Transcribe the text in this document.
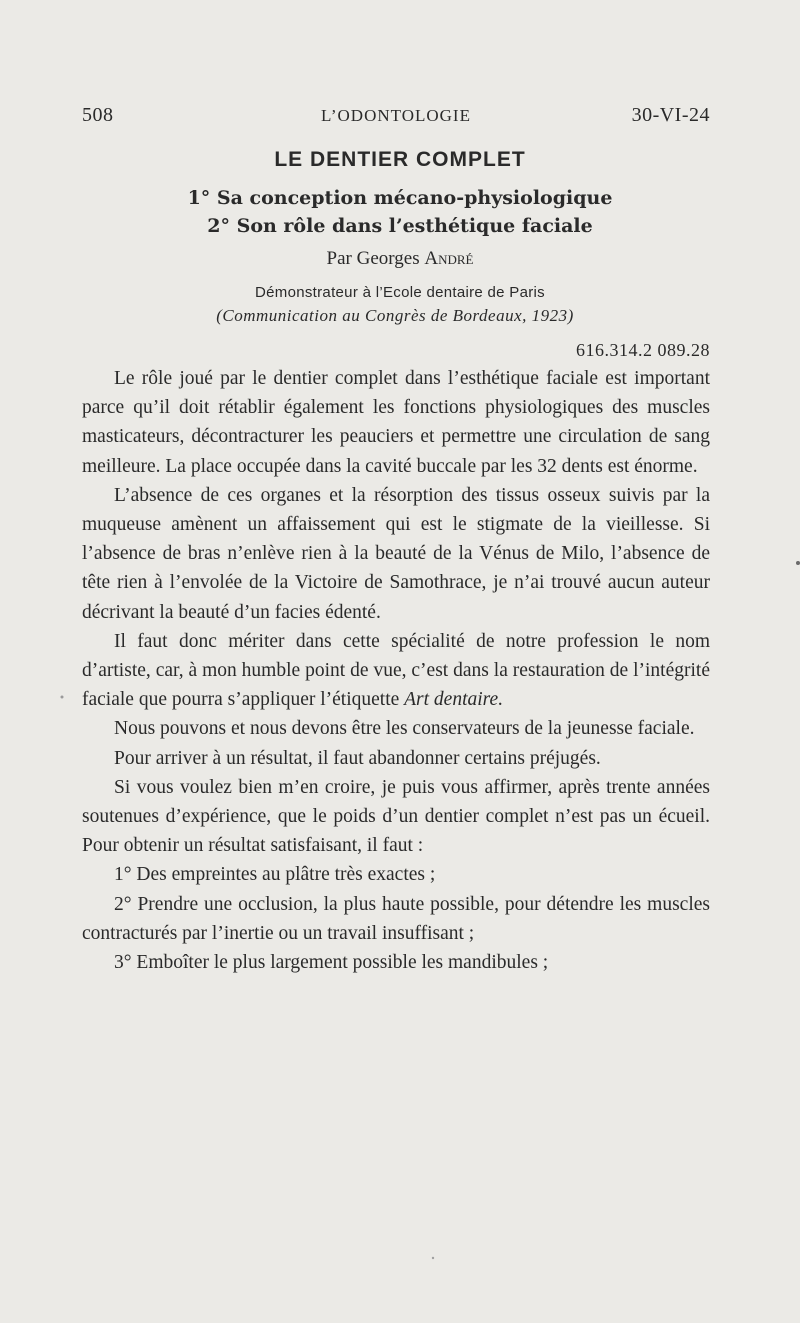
508	L’ODONTOLOGIE	30-VI-24
LE DENTIER COMPLET
1° Sa conception mécano-physiologique
2° Son rôle dans l’esthétique faciale
Par Georges André
Démonstrateur à l’Ecole dentaire de Paris
(Communication au Congrès de Bordeaux, 1923)
616.314.2 089.28

Le rôle joué par le dentier complet dans l’esthétique faciale est important parce qu’il doit rétablir également les fonctions physiologiques des muscles masticateurs, décontracturer les peauciers et permettre une circulation de sang meilleure. La place occupée dans la cavité buccale par les 32 dents est énorme.

L’absence de ces organes et la résorption des tissus osseux suivis par la muqueuse amènent un affaissement qui est le stigmate de la vieillesse. Si l’absence de bras n’enlève rien à la beauté de la Vénus de Milo, l’absence de tête rien à l’envolée de la Victoire de Samothrace, je n’ai trouvé aucun auteur décrivant la beauté d’un facies édenté.

Il faut donc mériter dans cette spécialité de notre profession le nom d’artiste, car, à mon humble point de vue, c’est dans la restauration de l’intégrité faciale que pourra s’appliquer l’étiquette Art dentaire.

Nous pouvons et nous devons être les conservateurs de la jeunesse faciale.

Pour arriver à un résultat, il faut abandonner certains préjugés.

Si vous voulez bien m’en croire, je puis vous affirmer, après trente années soutenues d’expérience, que le poids d’un dentier complet n’est pas un écueil. Pour obtenir un résultat satisfaisant, il faut :

1° Des empreintes au plâtre très exactes ;

2° Prendre une occlusion, la plus haute possible, pour détendre les muscles contracturés par l’inertie ou un travail insuffisant ;

3° Emboîter le plus largement possible les mandibules ;
